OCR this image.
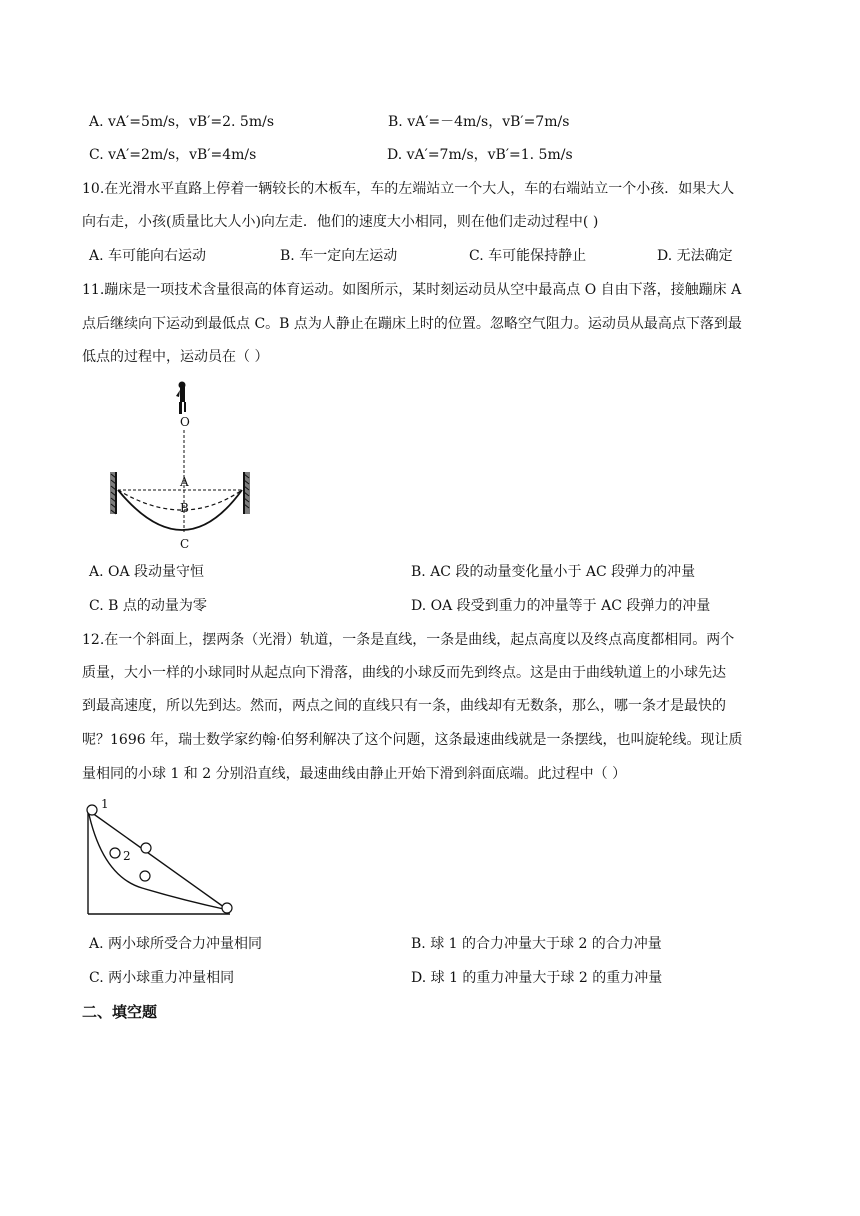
A. vA′=5m/s，vB′=2. 5m/s	B. vA′=－4m/s，vB′=7m/s
C. vA′=2m/s，vB′=4m/s	D. vA′=7m/s，vB′=1. 5m/s
10.在光滑水平直路上停着一辆较长的木板车，车的左端站立一个大人，车的右端站立一个小孩．如果大人
向右走，小孩(质量比大人小)向左走．他们的速度大小相同，则在他们走动过程中( )
A. 车可能向右运动	B. 车一定向左运动	C. 车可能保持静止	D. 无法确定
11.蹦床是一项技术含量很高的体育运动。如图所示，某时刻运动员从空中最高点 O 自由下落，接触蹦床 A
点后继续向下运动到最低点 C。B 点为人静止在蹦床上时的位置。忽略空气阻力。运动员从最高点下落到最
低点的过程中，运动员在（ ）
O
A
B
C
A. OA 段动量守恒	B. AC 段的动量变化量小于 AC 段弹力的冲量
C. B 点的动量为零	D. OA 段受到重力的冲量等于 AC 段弹力的冲量
12.在一个斜面上，摆两条（光滑）轨道，一条是直线，一条是曲线，起点高度以及终点高度都相同。两个
质量，大小一样的小球同时从起点向下滑落，曲线的小球反而先到终点。这是由于曲线轨道上的小球先达
到最高速度，所以先到达。然而，两点之间的直线只有一条，曲线却有无数条，那么，哪一条才是最快的
呢？1696 年，瑞士数学家约翰·伯努利解决了这个问题，这条最速曲线就是一条摆线，也叫旋轮线。现让质
量相同的小球 1 和 2 分别沿直线，最速曲线由静止开始下滑到斜面底端。此过程中（ ）
1
2
A. 两小球所受合力冲量相同	B. 球 1 的合力冲量大于球 2 的合力冲量
C. 两小球重力冲量相同	D. 球 1 的重力冲量大于球 2 的重力冲量
二、填空题
